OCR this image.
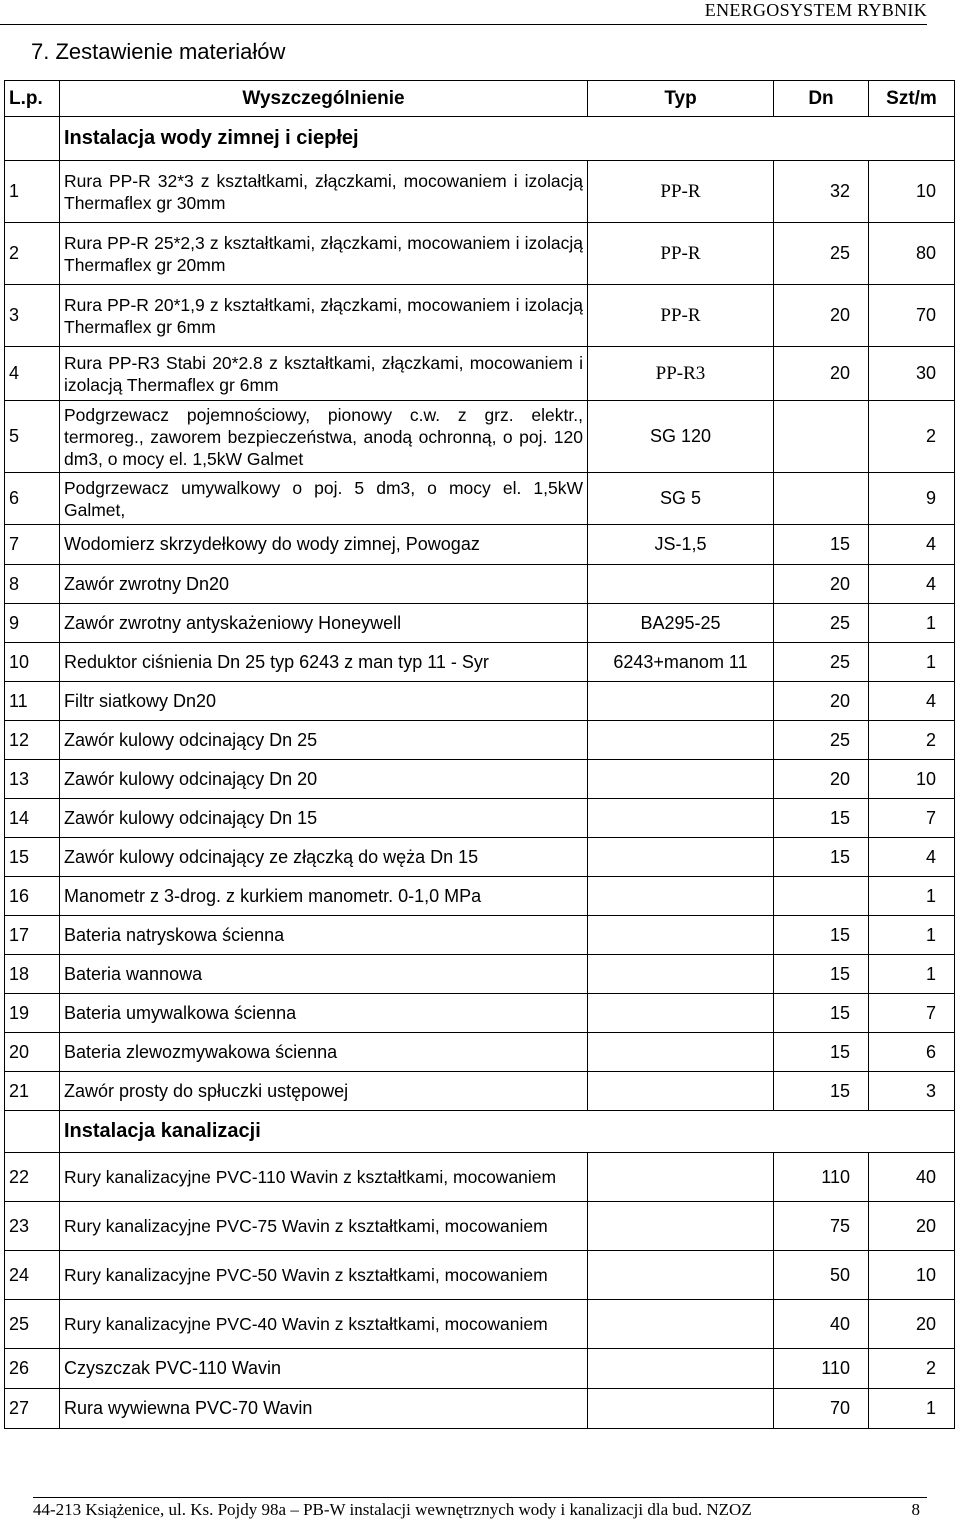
ENERGOSYSTEM RYBNIK
7. Zestawienie materiałów
L.p.	Wyszczególnienie	Typ	Dn	Szt/m
	Instalacja wody zimnej i ciepłej			
1	Rura PP-R 32*3 z kształtkami, złączkami, mocowaniem i izolacją Thermaflex gr 30mm	PP-R	32	10
2	Rura PP-R 25*2,3 z kształtkami, złączkami, mocowaniem i izolacją Thermaflex gr 20mm	PP-R	25	80
3	Rura PP-R 20*1,9 z kształtkami, złączkami, mocowaniem i izolacją Thermaflex gr 6mm	PP-R	20	70
4	Rura PP-R3 Stabi 20*2.8 z kształtkami, złączkami, mocowaniem i izolacją Thermaflex gr 6mm	PP-R3	20	30
5	Podgrzewacz pojemnościowy, pionowy c.w. z grz. elektr., termoreg., zaworem bezpieczeństwa, anodą ochronną, o poj. 120 dm3, o mocy el. 1,5kW Galmet	SG 120		2
6	Podgrzewacz umywalkowy o poj. 5 dm3, o mocy el. 1,5kW Galmet,	SG 5		9
7	Wodomierz skrzydełkowy do wody zimnej, Powogaz	JS-1,5	15	4
8	Zawór zwrotny Dn20		20	4
9	Zawór zwrotny antyskażeniowy Honeywell	BA295-25	25	1
10	Reduktor ciśnienia Dn 25 typ 6243 z man typ 11 - Syr	6243+manom 11	25	1
11	Filtr siatkowy Dn20		20	4
12	Zawór kulowy odcinający Dn 25		25	2
13	Zawór kulowy odcinający Dn 20		20	10
14	Zawór kulowy odcinający Dn 15		15	7
15	Zawór kulowy odcinający ze złączką do węża Dn 15		15	4
16	Manometr z 3-drog. z kurkiem manometr. 0-1,0 MPa			1
17	Bateria natryskowa ścienna		15	1
18	Bateria wannowa		15	1
19	Bateria umywalkowa ścienna		15	7
20	Bateria zlewozmywakowa ścienna		15	6
21	Zawór prosty do spłuczki ustępowej		15	3
	Instalacja kanalizacji			
22	Rury kanalizacyjne PVC-110 Wavin z kształtkami, mocowaniem		110	40
23	Rury kanalizacyjne PVC-75 Wavin z kształtkami, mocowaniem		75	20
24	Rury kanalizacyjne PVC-50 Wavin z kształtkami, mocowaniem		50	10
25	Rury kanalizacyjne PVC-40 Wavin z kształtkami, mocowaniem		40	20
26	Czyszczak PVC-110 Wavin		110	2
27	Rura wywiewna PVC-70 Wavin		70	1
44-213 Książenice, ul. Ks. Pojdy 98a – PB-W instalacji wewnętrznych wody i kanalizacji dla bud. NZOZ	8
